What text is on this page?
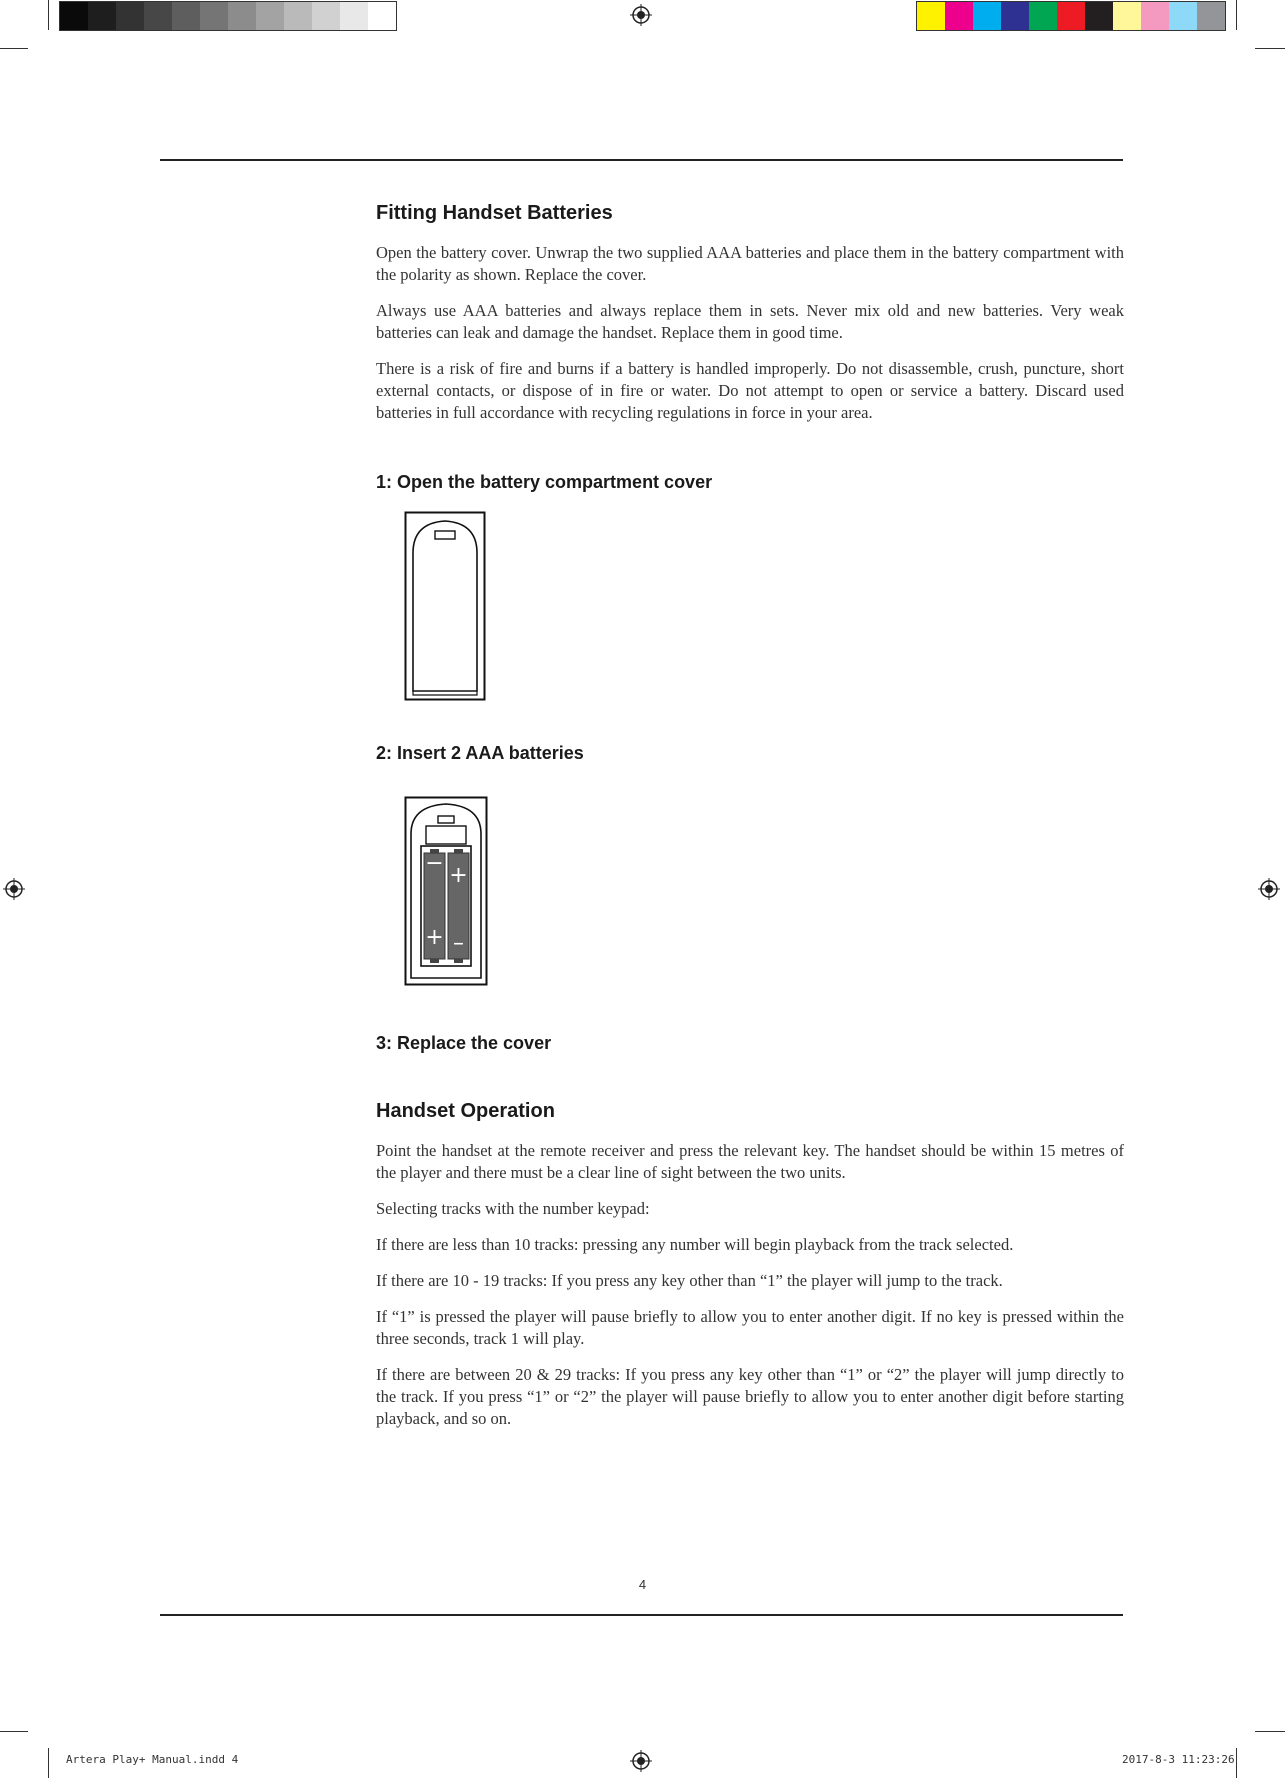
Fitting Handset Batteries

Open the battery cover. Unwrap the two supplied AAA batteries and place them in the battery compartment with the polarity as shown. Replace the cover.

Always use AAA batteries and always replace them in sets. Never mix old and new batteries. Very weak batteries can leak and damage the handset. Replace them in good time.

There is a risk of fire and burns if a battery is handled improperly. Do not disassemble, crush, puncture, short external contacts, or dispose of in fire or water. Do not attempt to open or service a battery. Discard used batteries in full accordance with recycling regulations in force in your area.

1: Open the battery compartment cover
2: Insert 2 AAA batteries
− +
+ –
3: Replace the cover
Handset Operation

Point the handset at the remote receiver and press the relevant key. The handset should be within 15 metres of the player and there must be a clear line of sight between the two units.

Selecting tracks with the number keypad:

If there are less than 10 tracks: pressing any number will begin playback from the track selected.

If there are 10 - 19 tracks: If you press any key other than “1” the player will jump to the track.

If “1” is pressed the player will pause briefly to allow you to enter another digit. If no key is pressed within the three seconds, track 1 will play.

If there are between 20 & 29 tracks: If you press any key other than “1” or “2” the player will jump directly to the track. If you press “1” or “2” the player will pause briefly to allow you to enter another digit before starting playback, and so on.

4
Artera Play+ Manual.indd 4	2017-8-3 11:23:26
